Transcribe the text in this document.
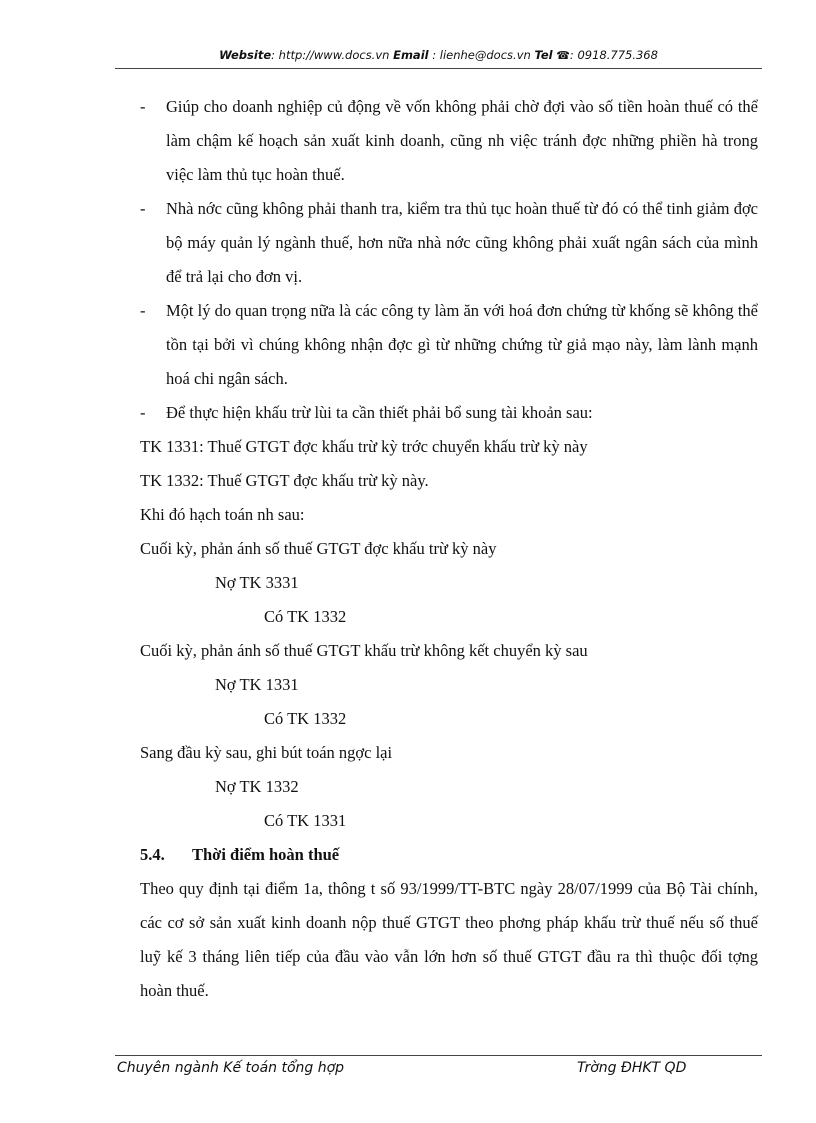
Website: http://www.docs.vn Email : lienhe@docs.vn Tel ☎: 0918.775.368
- Giúp cho doanh nghiệp củ động về vốn không phải chờ đợi vào số tiền hoàn thuế có thể làm chậm kế hoạch sản xuất kinh doanh, cũng nh việc tránh đợc những phiền hà trong việc làm thủ tục hoàn thuế.
- Nhà nớc cũng không phải thanh tra, kiểm tra thủ tục hoàn thuế từ đó có thể tinh giảm đợc bộ máy quản lý ngành thuế, hơn nữa nhà nớc cũng không phải xuất ngân sách của mình để trả lại cho đơn vị.
- Một lý do quan trọng nữa là các công ty làm ăn với hoá đơn chứng từ khống sẽ không thể tồn tại bởi vì chúng không nhận đợc gì từ những chứng từ giả mạo này, làm lành mạnh hoá chi ngân sách.
- Để thực hiện khấu trừ lùi ta cần thiết phải bổ sung tài khoản sau:
TK 1331: Thuế GTGT đợc khấu trừ kỳ trớc chuyển khấu trừ kỳ này
TK 1332: Thuế GTGT đợc khấu trừ kỳ này.
Khi đó hạch toán nh sau:
Cuối kỳ, phản ánh số thuế GTGT đợc khấu trừ kỳ này
Nợ TK 3331
Có TK 1332
Cuối kỳ, phản ánh số thuế GTGT khấu trừ không kết chuyển kỳ sau
Nợ TK 1331
Có TK 1332
Sang đầu kỳ sau, ghi bút toán ngợc lại
Nợ TK 1332
Có TK 1331
5.4. Thời điểm hoàn thuế
Theo quy định tại điểm 1a, thông t số 93/1999/TT-BTC ngày 28/07/1999 của Bộ Tài chính, các cơ sở sản xuất kinh doanh nộp thuế GTGT theo phơng pháp khấu trừ thuế nếu số thuế luỹ kế 3 tháng liên tiếp của đầu vào vẫn lớn hơn số thuế GTGT đầu ra thì thuộc đối tợng hoàn thuế.
Chuyên ngành Kế toán tổng hợp	Trờng ĐHKT QD
